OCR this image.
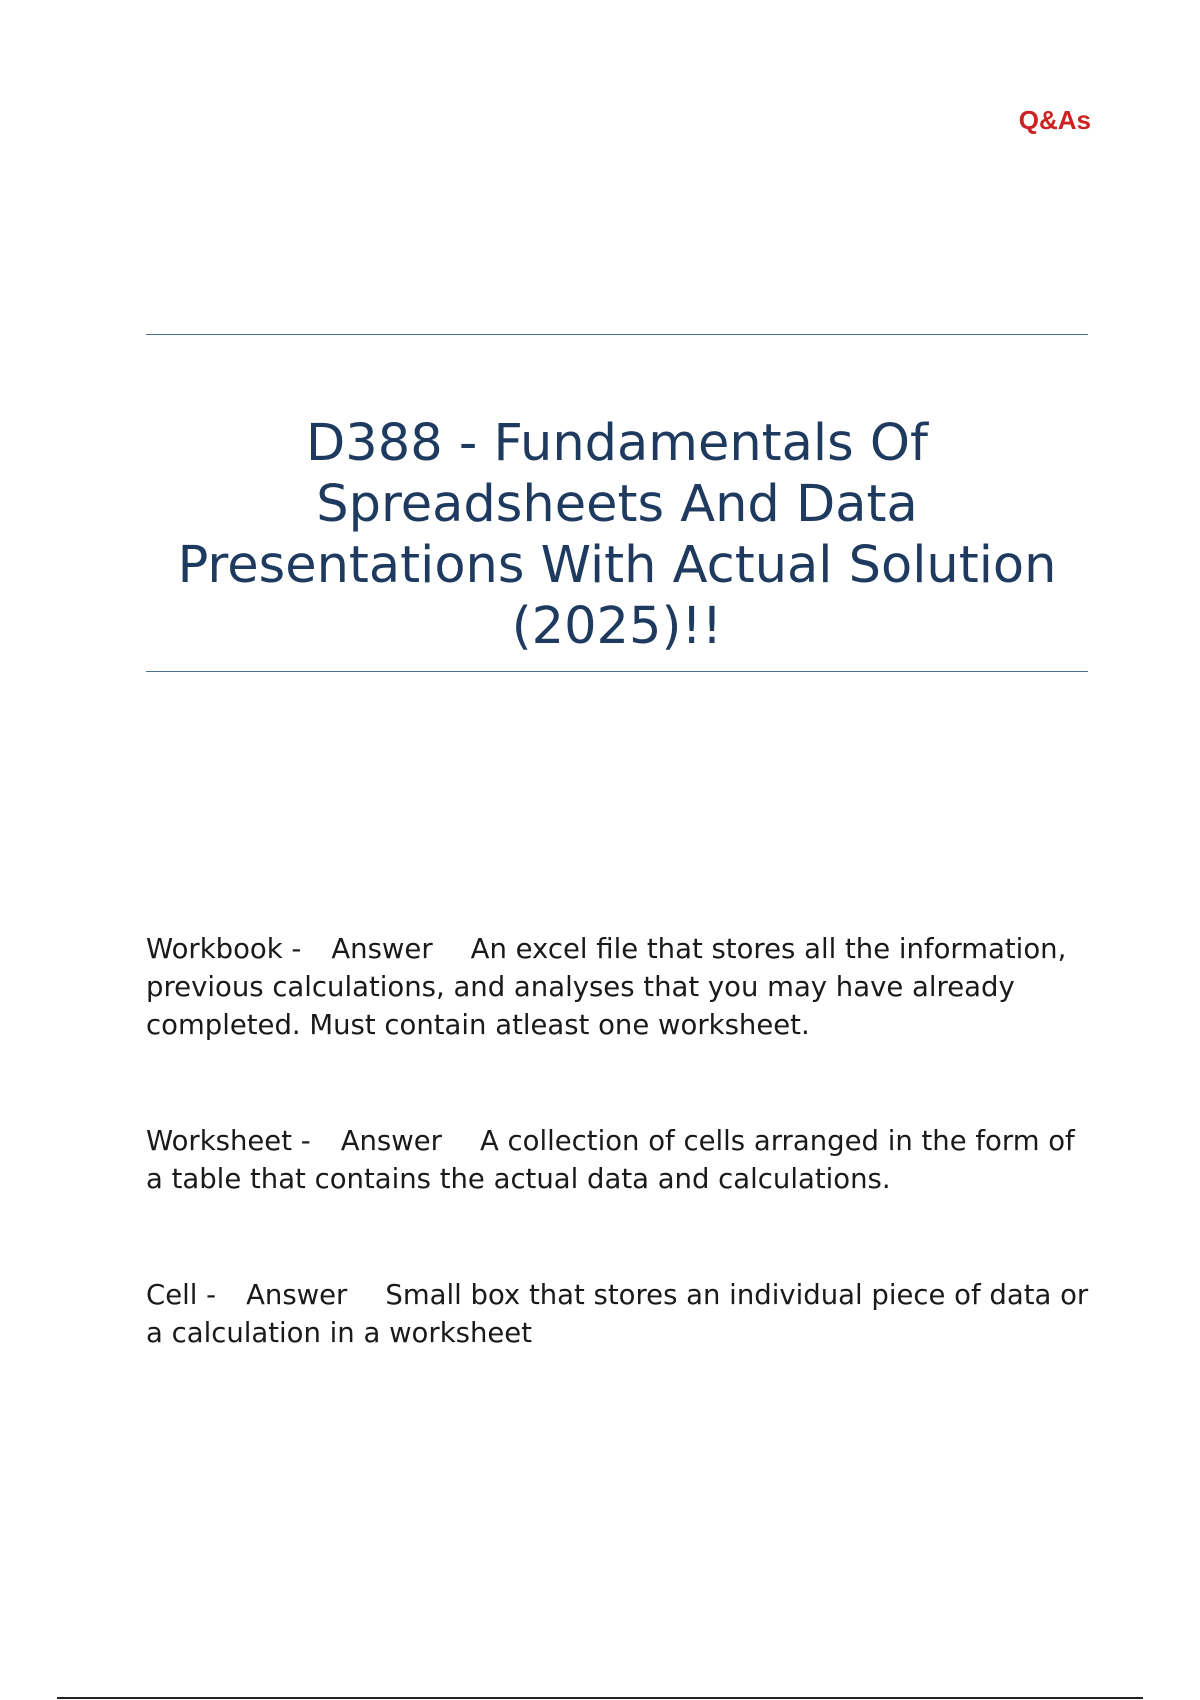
Q&As
D388 - Fundamentals Of Spreadsheets And Data Presentations With Actual Solution (2025)!!

Workbook - Answer An excel file that stores all the information, previous calculations, and analyses that you may have already completed. Must contain atleast one worksheet.

Worksheet - Answer A collection of cells arranged in the form of a table that contains the actual data and calculations.

Cell - Answer Small box that stores an individual piece of data or a calculation in a worksheet
